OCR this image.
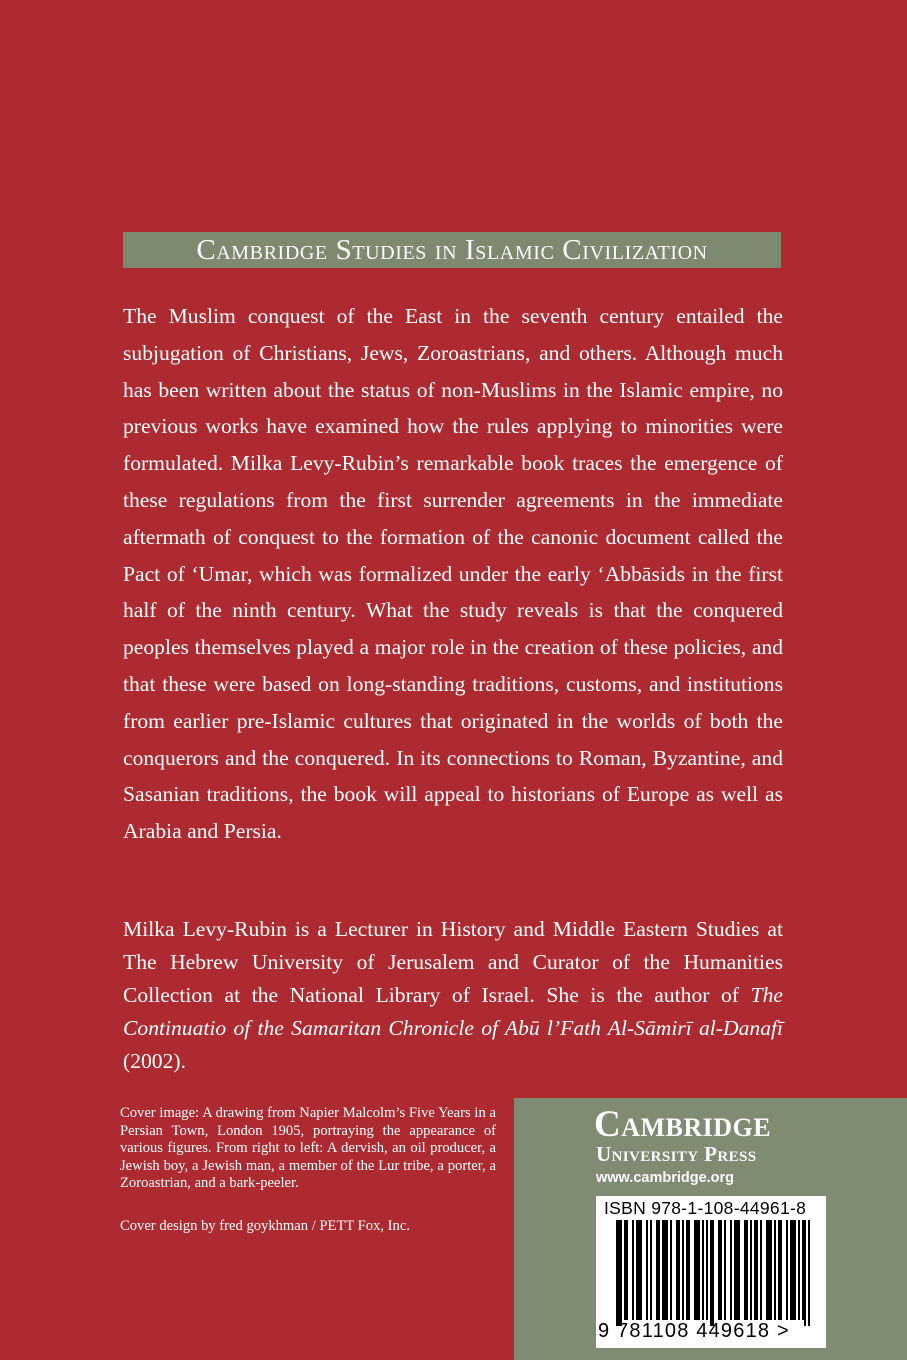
Cambridge Studies in Islamic Civilization

The Muslim conquest of the East in the seventh century entailed the subjugation of Christians, Jews, Zoroastrians, and others. Although much has been written about the status of non-Muslims in the Islamic empire, no previous works have examined how the rules applying to minorities were formulated. Milka Levy-Rubin’s remarkable book traces the emergence of these regulations from the first surrender agreements in the immediate aftermath of conquest to the formation of the canonic document called the Pact of ‘Umar, which was formalized under the early ‘Abbāsids in the first half of the ninth century. What the study reveals is that the conquered peoples themselves played a major role in the creation of these policies, and that these were based on long-standing traditions, customs, and institutions from earlier pre-Islamic cultures that originated in the worlds of both the conquerors and the conquered. In its connections to Roman, Byzantine, and Sasanian traditions, the book will appeal to historians of Europe as well as Arabia and Persia.

Milka Levy-Rubin is a Lecturer in History and Middle Eastern Studies at The Hebrew University of Jerusalem and Curator of the Humanities Collection at the National Library of Israel. She is the author of The Continuatio of the Samaritan Chronicle of Abū l’Fath Al-Sāmirī al-Danafī (2002).

Cover image: A drawing from Napier Malcolm’s Five Years in a Persian Town, London 1905, portraying the appearance of various figures. From right to left: A dervish, an oil producer, a Jewish boy, a Jewish man, a member of the Lur tribe, a porter, a Zoroastrian, and a bark-peeler.

Cover design by fred goykhman / PETT Fox, Inc.

Cambridge
University Press
www.cambridge.org
ISBN 978-1-108-44961-8
9 781108 449618 >
